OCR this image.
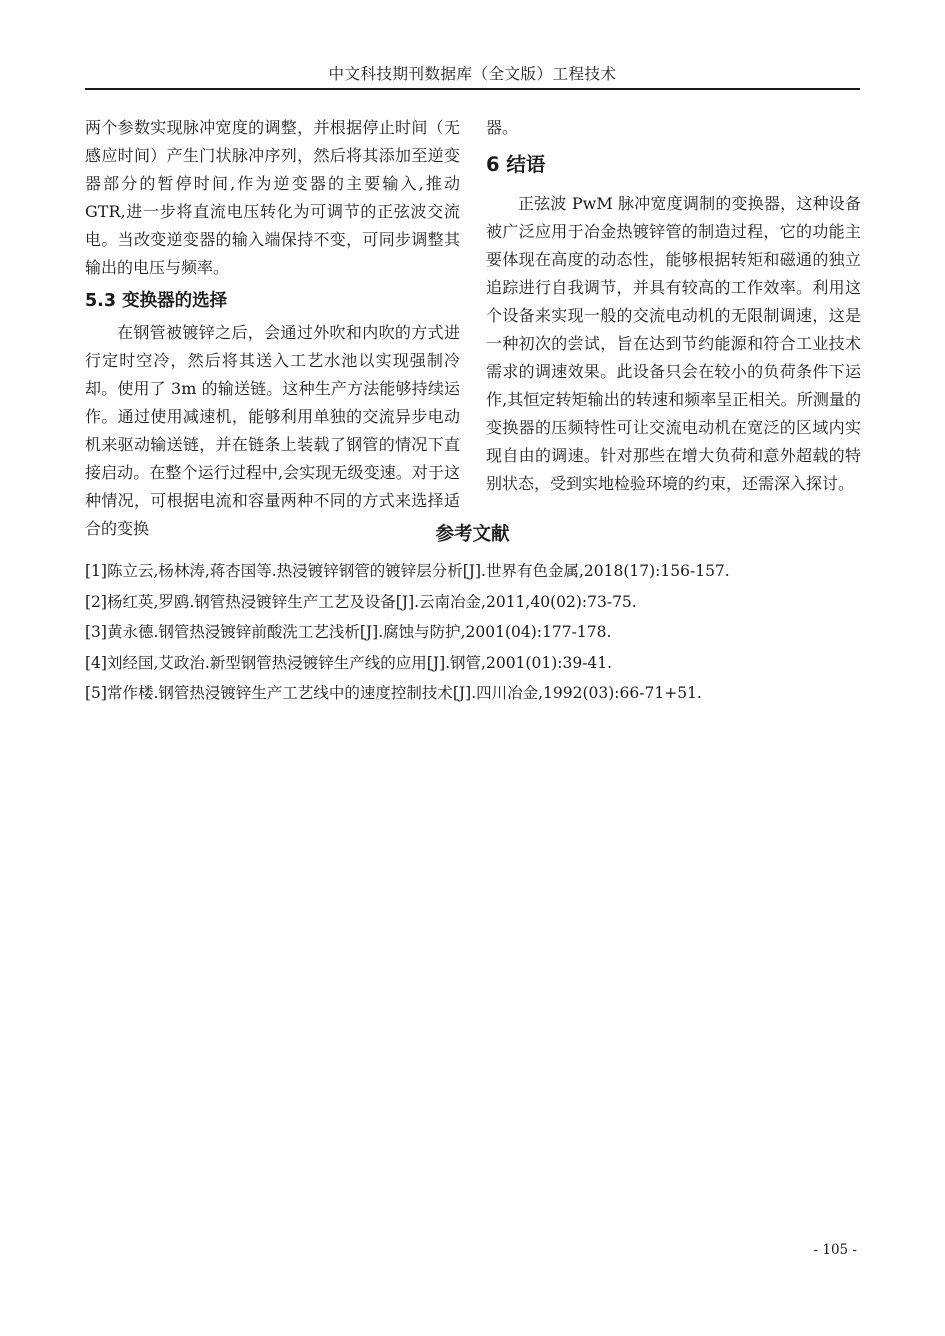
中文科技期刊数据库（全文版）工程技术

两个参数实现脉冲宽度的调整，并根据停止时间（无感应时间）产生门状脉冲序列，然后将其添加至逆变器部分的暂停时间,作为逆变器的主要输入,推动 GTR,进一步将直流电压转化为可调节的正弦波交流电。当改变逆变器的输入端保持不变，可同步调整其输出的电压与频率。

5.3 变换器的选择

在钢管被镀锌之后，会通过外吹和内吹的方式进行定时空冷，然后将其送入工艺水池以实现强制冷却。使用了 3m 的输送链。这种生产方法能够持续运作。通过使用减速机，能够利用单独的交流异步电动机来驱动输送链，并在链条上装载了钢管的情况下直接启动。在整个运行过程中,会实现无级变速。对于这种情况，可根据电流和容量两种不同的方式来选择适合的变换

器。

6 结语

正弦波 PwM 脉冲宽度调制的变换器，这种设备被广泛应用于冶金热镀锌管的制造过程，它的功能主要体现在高度的动态性，能够根据转矩和磁通的独立追踪进行自我调节，并具有较高的工作效率。利用这个设备来实现一般的交流电动机的无限制调速，这是一种初次的尝试，旨在达到节约能源和符合工业技术需求的调速效果。此设备只会在较小的负荷条件下运作,其恒定转矩输出的转速和频率呈正相关。所测量的变换器的压频特性可让交流电动机在宽泛的区域内实现自由的调速。针对那些在增大负荷和意外超载的特别状态，受到实地检验环境的约束，还需深入探讨。

参考文献
[1]陈立云,杨林涛,蒋杏国等.热浸镀锌钢管的镀锌层分析[J].世界有色金属,2018(17):156-157.
[2]杨红英,罗鸥.钢管热浸镀锌生产工艺及设备[J].云南冶金,2011,40(02):73-75.
[3]黄永德.钢管热浸镀锌前酸洗工艺浅析[J].腐蚀与防护,2001(04):177-178.
[4]刘经国,艾政治.新型钢管热浸镀锌生产线的应用[J].钢管,2001(01):39-41.
[5]常作楼.钢管热浸镀锌生产工艺线中的速度控制技术[J].四川冶金,1992(03):66-71+51.
- 105 -
